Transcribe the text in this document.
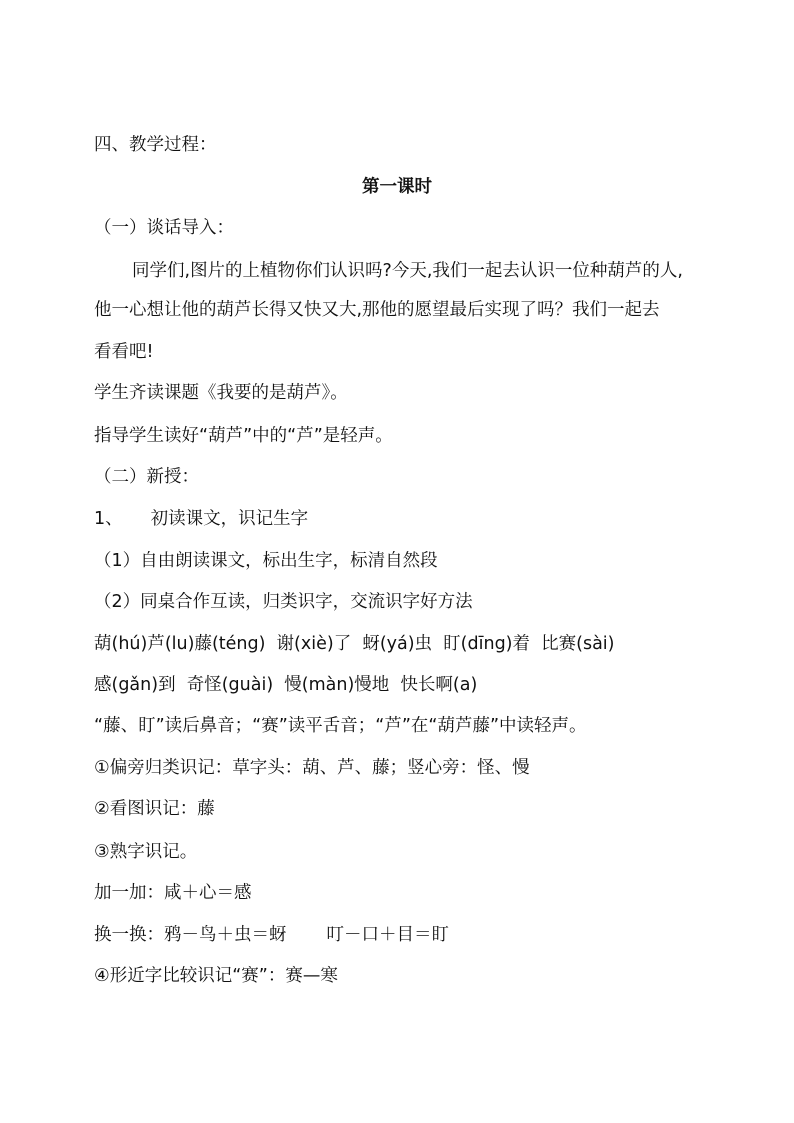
四、教学过程：
第一课时
（一）谈话导入：
同学们,图片的上植物你们认识吗?今天,我们一起去认识一位种葫芦的人,
他一心想让他的葫芦长得又快又大,那他的愿望最后实现了吗？我们一起去
看看吧!
学生齐读课题《我要的是葫芦》。
指导学生读好“葫芦”中的“芦”是轻声。
（二）新授：
1、 初读课文，识记生字
（1）自由朗读课文，标出生字，标清自然段
（2）同桌合作互读，归类识字，交流识字好方法
葫(hú)芦(lu)藤(téng)  谢(xiè)了  蚜(yá)虫  盯(dīng)着  比赛(sài)
感(gǎn)到  奇怪(guài)  慢(màn)慢地  快长啊(a)
“藤、盯”读后鼻音；“赛”读平舌音；“芦”在“葫芦藤”中读轻声。
①偏旁归类识记：草字头：葫、芦、藤；竖心旁：怪、慢
②看图识记：藤
③熟字识记。
加一加：咸＋心＝感
换一换：鸦－鸟＋虫＝蚜 叮－口＋目＝盯
④形近字比较识记“赛”：赛—寒
